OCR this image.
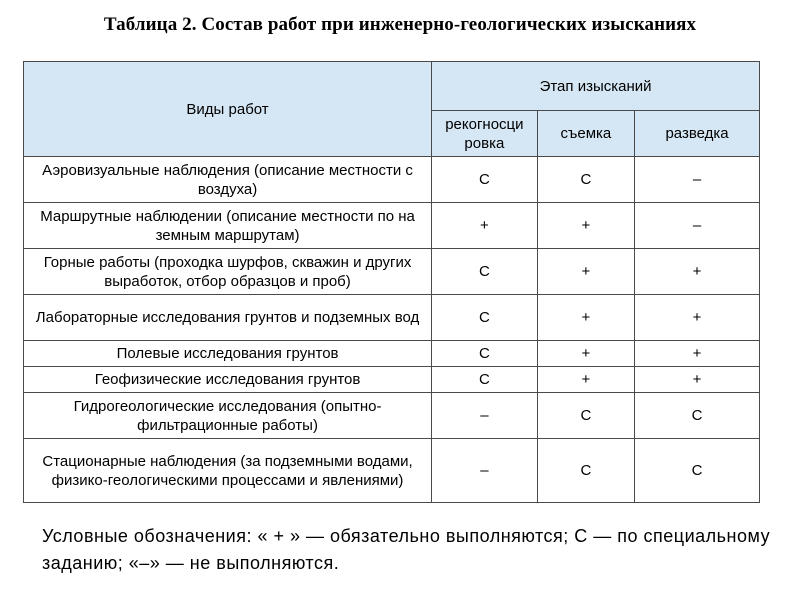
Таблица 2. Состав работ при инженерно-геологических изысканиях
Виды работ	Этап изысканий		
	рекогносци ровка	съемка	разведка
Аэровизуальные наблюдения (описание местности с воздуха)	С	С	–
Маршрутные наблюдении (описание местности по на земным маршрутам)	+	+	–
Горные работы (проходка шурфов, скважин и других выработок, отбор образцов и проб)	С	+	+
Лабораторные исследования грунтов и подземных вод	С	+	+
Полевые исследования грунтов	С	+	+
Геофизические исследования грунтов	С	+	+
Гидрогеологические исследования (опытно-фильтрационные работы)	–	С	С
Стационарные наблюдения (за подземными водами, физико-геологическими процессами и явлениями)	–	С	С
Условные обозначения: « + » — обязательно выполняются; С — по специальному заданию; «–» — не выполняются.
